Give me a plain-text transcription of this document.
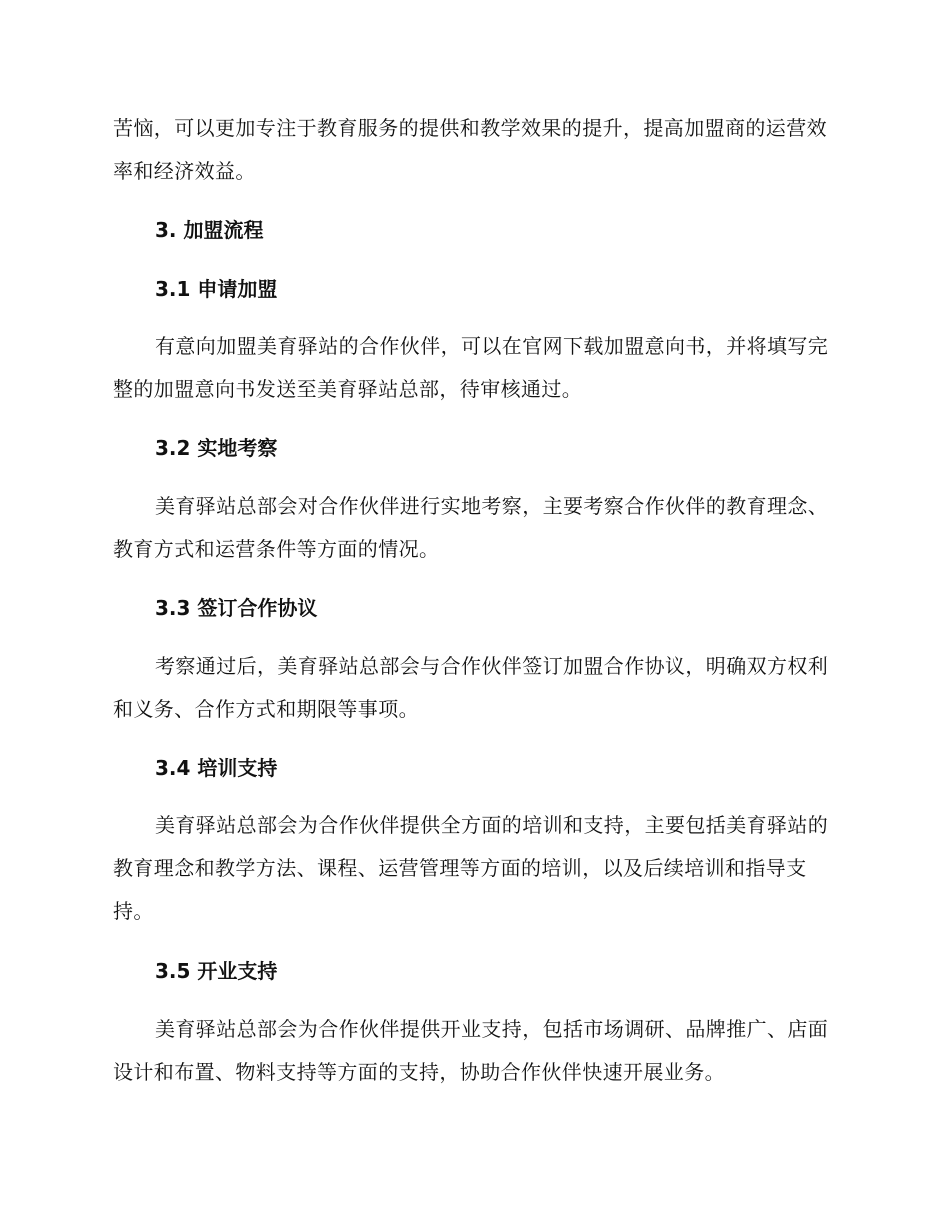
苦恼，可以更加专注于教育服务的提供和教学效果的提升，提高加盟商的运营效率和经济效益。

3. 加盟流程
3.1 申请加盟

有意向加盟美育驿站的合作伙伴，可以在官网下载加盟意向书，并将填写完整的加盟意向书发送至美育驿站总部，待审核通过。

3.2 实地考察

美育驿站总部会对合作伙伴进行实地考察，主要考察合作伙伴的教育理念、教育方式和运营条件等方面的情况。

3.3 签订合作协议

考察通过后，美育驿站总部会与合作伙伴签订加盟合作协议，明确双方权利和义务、合作方式和期限等事项。

3.4 培训支持

美育驿站总部会为合作伙伴提供全方面的培训和支持，主要包括美育驿站的教育理念和教学方法、课程、运营管理等方面的培训，以及后续培训和指导支持。

3.5 开业支持

美育驿站总部会为合作伙伴提供开业支持，包括市场调研、品牌推广、店面设计和布置、物料支持等方面的支持，协助合作伙伴快速开展业务。
